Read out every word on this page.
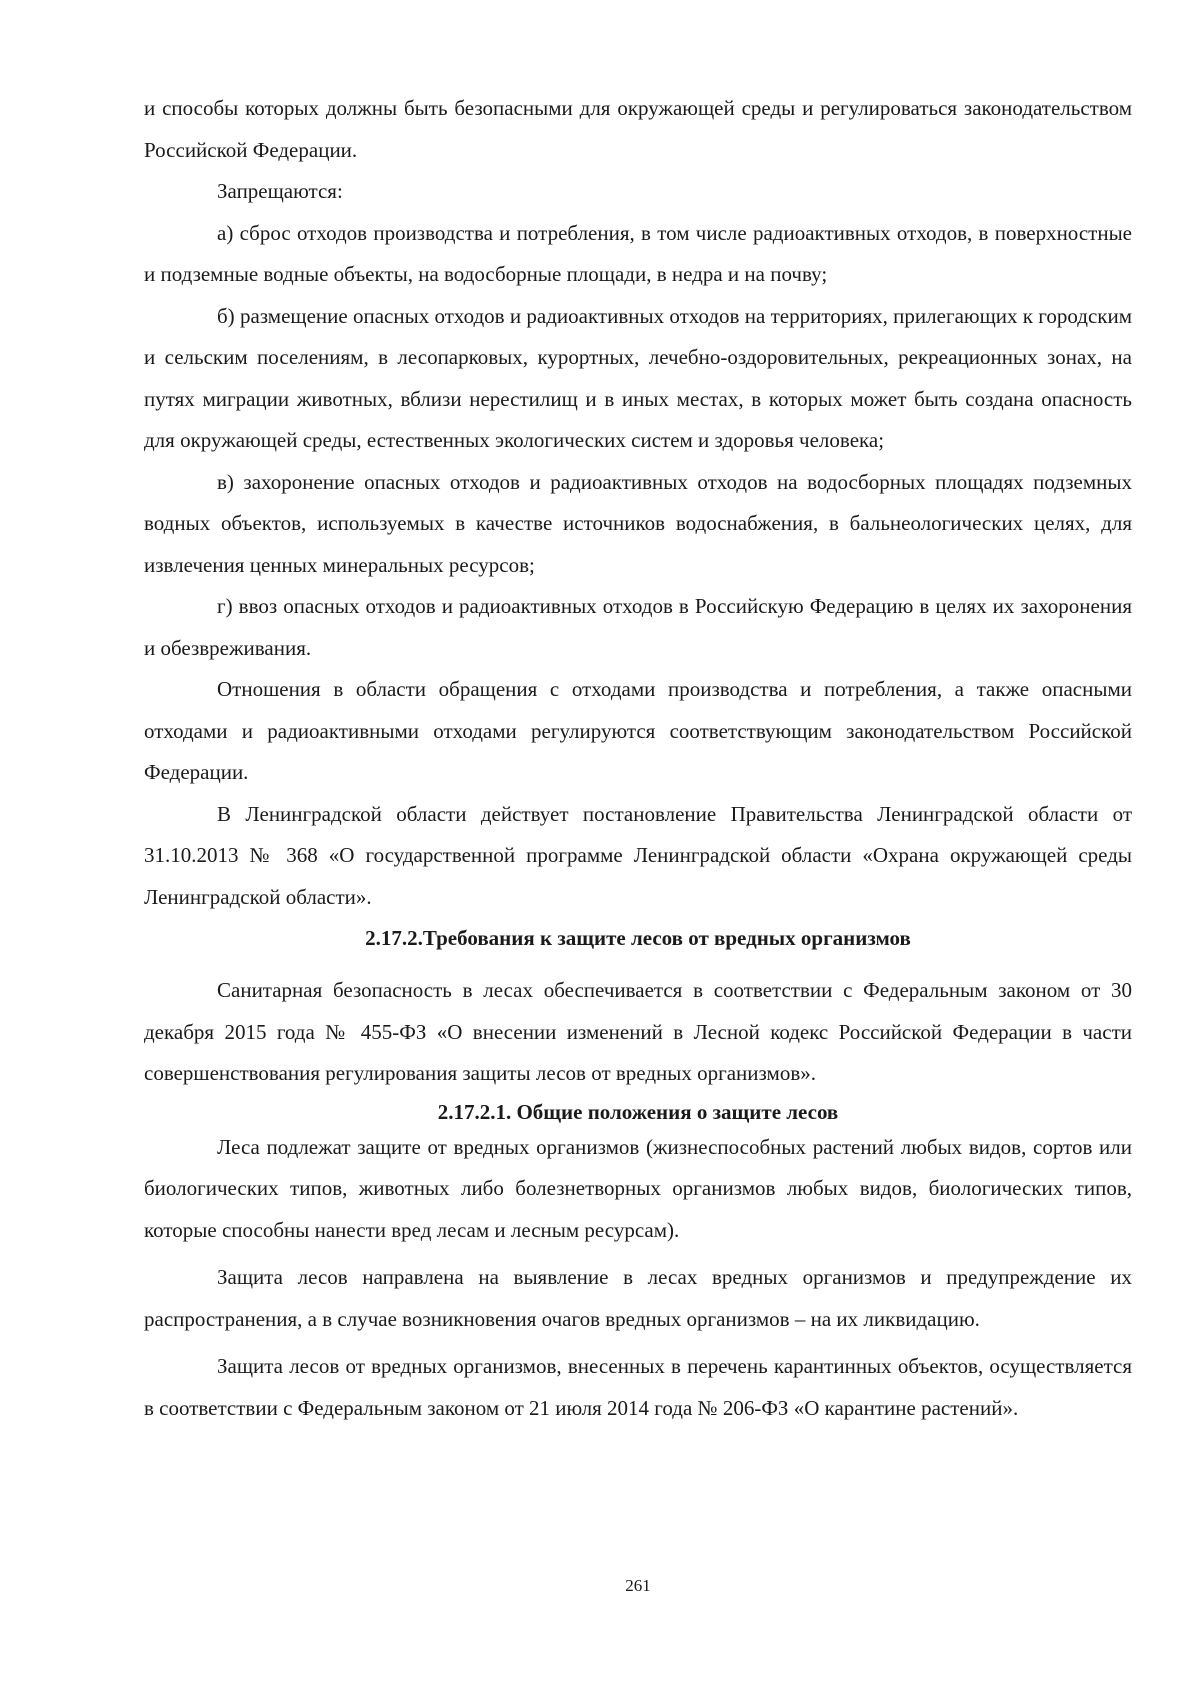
и способы которых должны быть безопасными для окружающей среды и регулироваться законодательством Российской Федерации.

Запрещаются:

а) сброс отходов производства и потребления, в том числе радиоактивных отходов, в поверхностные и подземные водные объекты, на водосборные площади, в недра и на почву;

б) размещение опасных отходов и радиоактивных отходов на территориях, прилегающих к городским и сельским поселениям, в лесопарковых, курортных, лечебно-оздоровительных, рекреационных зонах, на путях миграции животных, вблизи нерестилищ и в иных местах, в которых может быть создана опасность для окружающей среды, естественных экологических систем и здоровья человека;

в) захоронение опасных отходов и радиоактивных отходов на водосборных площадях подземных водных объектов, используемых в качестве источников водоснабжения, в бальнеологических целях, для извлечения ценных минеральных ресурсов;

г) ввоз опасных отходов и радиоактивных отходов в Российскую Федерацию в целях их захоронения и обезвреживания.

Отношения в области обращения с отходами производства и потребления, а также опасными отходами и радиоактивными отходами регулируются соответствующим законодательством Российской Федерации.

В Ленинградской области действует постановление Правительства Ленинградской области от 31.10.2013 № 368 «О государственной программе Ленинградской области «Охрана окружающей среды Ленинградской области».

2.17.2.Требования к защите лесов от вредных организмов

Санитарная безопасность в лесах обеспечивается в соответствии с Федеральным законом от 30 декабря 2015 года № 455-ФЗ «О внесении изменений в Лесной кодекс Российской Федерации в части совершенствования регулирования защиты лесов от вредных организмов».

2.17.2.1. Общие положения о защите лесов

Леса подлежат защите от вредных организмов (жизнеспособных растений любых видов, сортов или биологических типов, животных либо болезнетворных организмов любых видов, биологических типов, которые способны нанести вред лесам и лесным ресурсам).

Защита лесов направлена на выявление в лесах вредных организмов и предупреждение их распространения, а в случае возникновения очагов вредных организмов – на их ликвидацию.

Защита лесов от вредных организмов, внесенных в перечень карантинных объектов, осуществляется в соответствии с Федеральным законом от 21 июля 2014 года № 206-ФЗ «О карантине растений».

261
